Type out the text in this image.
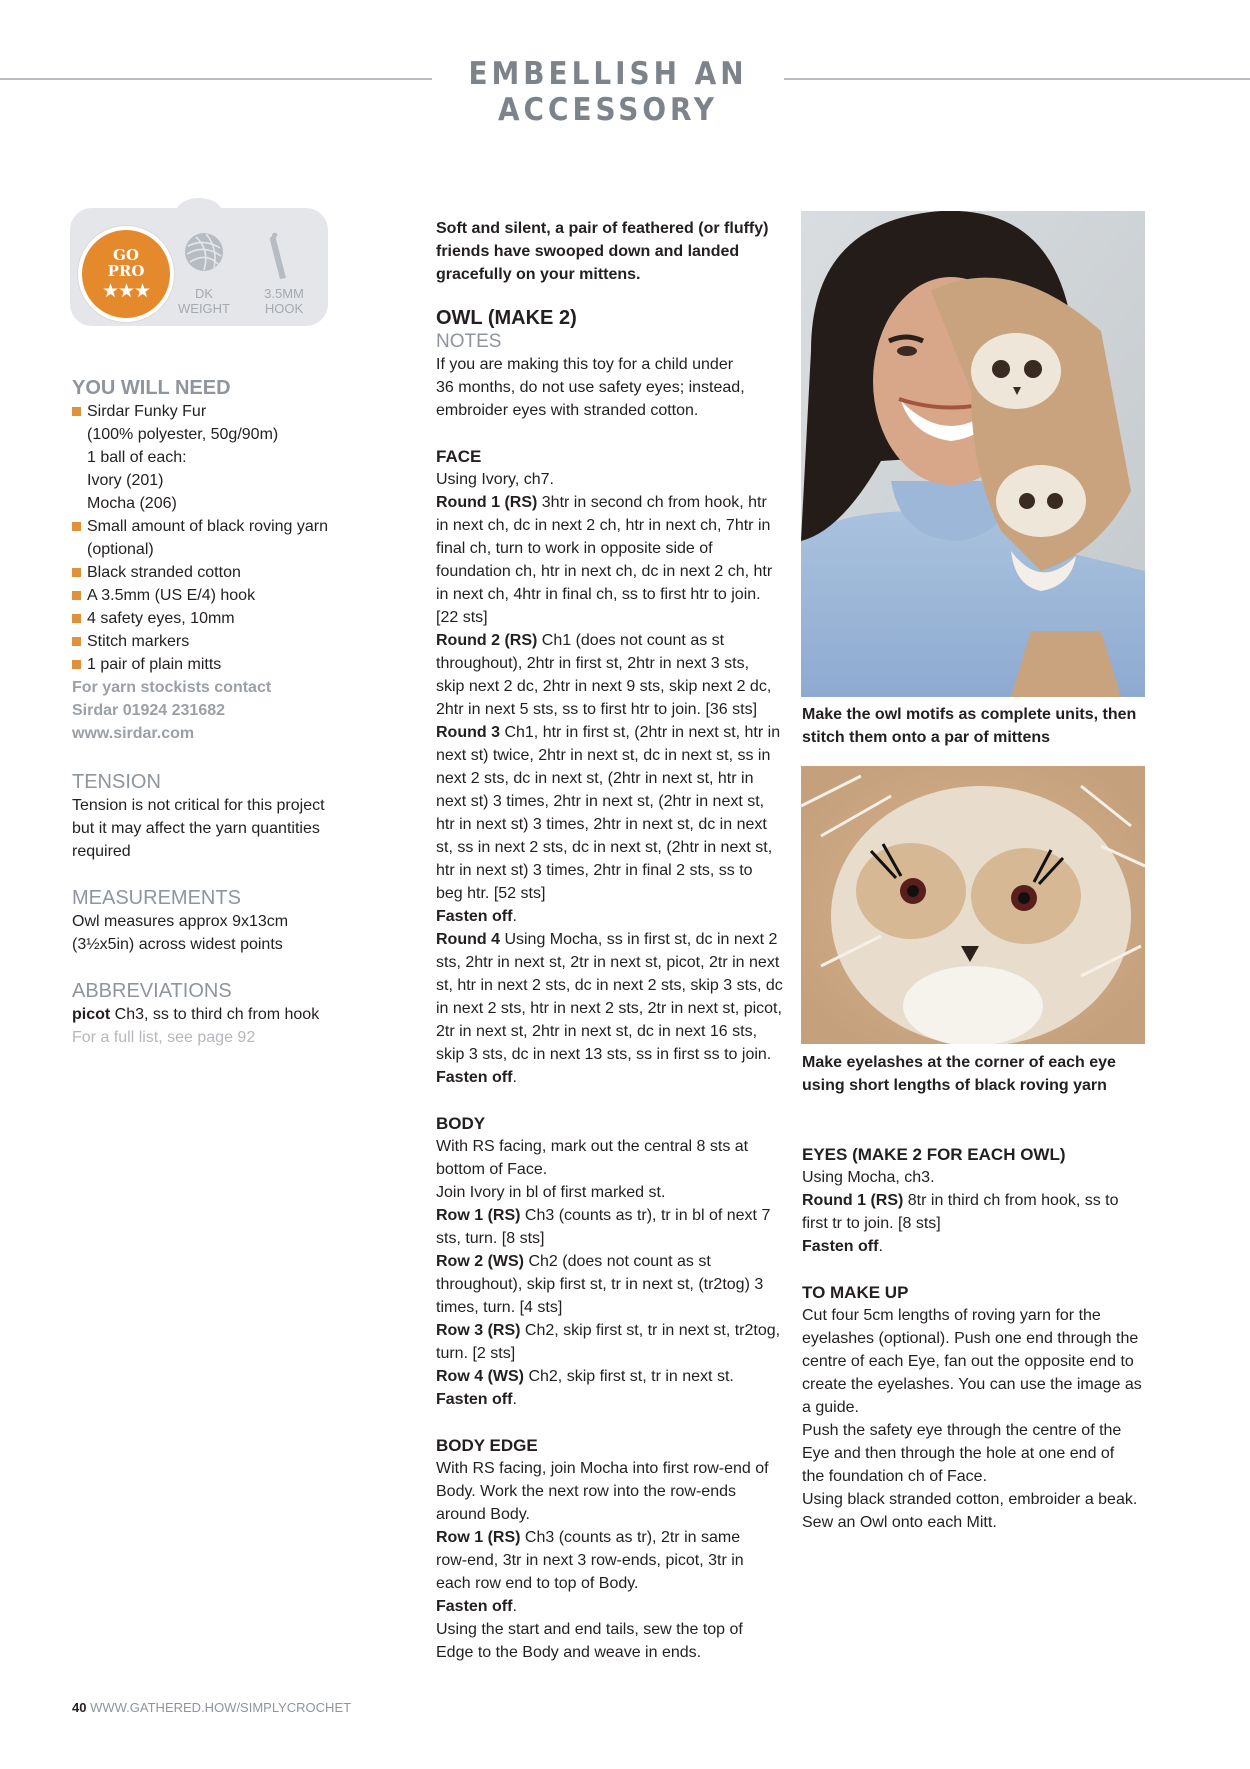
EMBELLISH AN ACCESSORY
GO
PRO
★★★	DK
WEIGHT
3.5MM
HOOK
YOU WILL NEED
Sirdar Funky Fur
(100% polyester, 50g/90m)
1 ball of each:
Ivory (201)
Mocha (206)
Small amount of black roving yarn
(optional)
Black stranded cotton
A 3.5mm (US E/4) hook
4 safety eyes, 10mm
Stitch markers
1 pair of plain mitts
For yarn stockists contact
Sirdar 01924 231682
www.sirdar.com
TENSION
Tension is not critical for this project
but it may affect the yarn quantities
required
MEASUREMENTS
Owl measures approx 9x13cm
(3½x5in) across widest points
ABBREVIATIONS
picot Ch3, ss to third ch from hook
For a full list, see page 92
Soft and silent, a pair of feathered (or fluffy)
friends have swooped down and landed
gracefully on your mittens.
OWL (MAKE 2)
NOTES
If you are making this toy for a child under
36 months, do not use safety eyes; instead,
embroider eyes with stranded cotton.
FACE
Using Ivory, ch7.
Round 1 (RS) 3htr in second ch from hook, htr
in next ch, dc in next 2 ch, htr in next ch, 7htr in
final ch, turn to work in opposite side of
foundation ch, htr in next ch, dc in next 2 ch, htr
in next ch, 4htr in final ch, ss to first htr to join.
[22 sts]
Round 2 (RS) Ch1 (does not count as st
throughout), 2htr in first st, 2htr in next 3 sts,
skip next 2 dc, 2htr in next 9 sts, skip next 2 dc,
2htr in next 5 sts, ss to first htr to join. [36 sts]
Round 3 Ch1, htr in first st, (2htr in next st, htr in
next st) twice, 2htr in next st, dc in next st, ss in
next 2 sts, dc in next st, (2htr in next st, htr in
next st) 3 times, 2htr in next st, (2htr in next st,
htr in next st) 3 times, 2htr in next st, dc in next
st, ss in next 2 sts, dc in next st, (2htr in next st,
htr in next st) 3 times, 2htr in final 2 sts, ss to
beg htr. [52 sts]
Fasten off.
Round 4 Using Mocha, ss in first st, dc in next 2
sts, 2htr in next st, 2tr in next st, picot, 2tr in next
st, htr in next 2 sts, dc in next 2 sts, skip 3 sts, dc
in next 2 sts, htr in next 2 sts, 2tr in next st, picot,
2tr in next st, 2htr in next st, dc in next 16 sts,
skip 3 sts, dc in next 13 sts, ss in first ss to join.
Fasten off.
BODY
With RS facing, mark out the central 8 sts at
bottom of Face.
Join Ivory in bl of first marked st.
Row 1 (RS) Ch3 (counts as tr), tr in bl of next 7
sts, turn. [8 sts]
Row 2 (WS) Ch2 (does not count as st
throughout), skip first st, tr in next st, (tr2tog) 3
times, turn. [4 sts]
Row 3 (RS) Ch2, skip first st, tr in next st, tr2tog,
turn. [2 sts]
Row 4 (WS) Ch2, skip first st, tr in next st.
Fasten off.
BODY EDGE
With RS facing, join Mocha into first row-end of
Body. Work the next row into the row-ends
around Body.
Row 1 (RS) Ch3 (counts as tr), 2tr in same
row-end, 3tr in next 3 row-ends, picot, 3tr in
each row end to top of Body.
Fasten off.
Using the start and end tails, sew the top of
Edge to the Body and weave in ends.
Make the owl motifs as complete units, then
stitch them onto a par of mittens
Make eyelashes at the corner of each eye
using short lengths of black roving yarn
EYES (MAKE 2 FOR EACH OWL)
Using Mocha, ch3.
Round 1 (RS) 8tr in third ch from hook, ss to
first tr to join. [8 sts]
Fasten off.
TO MAKE UP
Cut four 5cm lengths of roving yarn for the
eyelashes (optional). Push one end through the
centre of each Eye, fan out the opposite end to
create the eyelashes. You can use the image as
a guide.
Push the safety eye through the centre of the
Eye and then through the hole at one end of
the foundation ch of Face.
Using black stranded cotton, embroider a beak.
Sew an Owl onto each Mitt.
40 WWW.GATHERED.HOW/SIMPLYCROCHET
